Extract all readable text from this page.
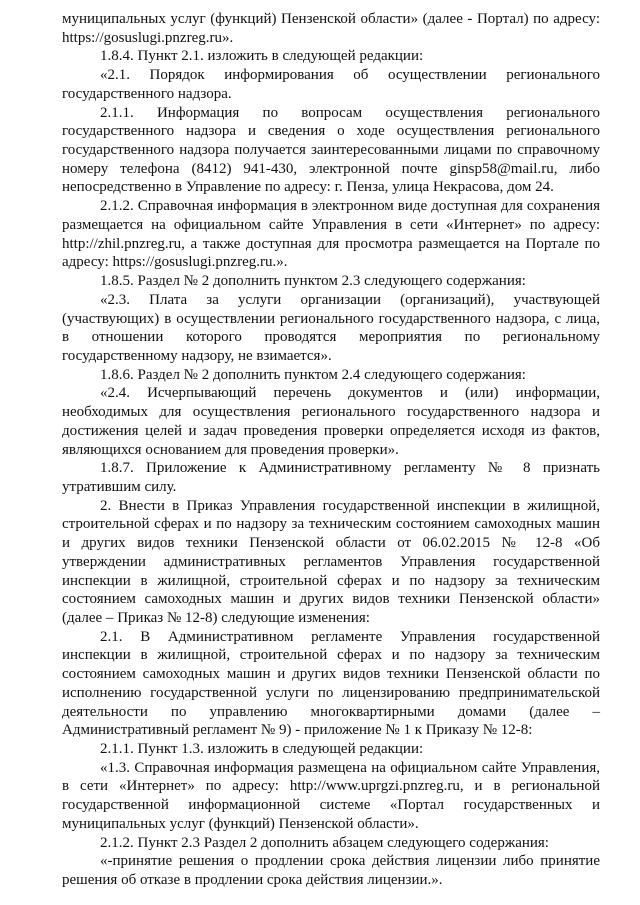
муниципальных услуг (функций) Пензенской области» (далее - Портал) по адресу: https://gosuslugi.pnzreg.ru».

1.8.4. Пункт 2.1. изложить в следующей редакции:

«2.1. Порядок информирования об осуществлении регионального государственного надзора.

2.1.1. Информация по вопросам осуществления регионального государственного надзора и сведения о ходе осуществления регионального государственного надзора получается заинтересованными лицами по справочному номеру телефона (8412) 941-430, электронной почте ginsp58@mail.ru, либо непосредственно в Управление по адресу: г. Пенза, улица Некрасова, дом 24.

2.1.2. Справочная информация в электронном виде доступная для сохранения размещается на официальном сайте Управления в сети «Интернет» по адресу: http://zhil.pnzreg.ru, а также доступная для просмотра размещается на Портале по адресу: https://gosuslugi.pnzreg.ru.».

1.8.5. Раздел № 2 дополнить пунктом 2.3 следующего содержания:

«2.3. Плата за услуги организации (организаций), участвующей (участвующих) в осуществлении регионального государственного надзора, с лица, в отношении которого проводятся мероприятия по региональному государственному надзору, не взимается».

1.8.6. Раздел № 2 дополнить пунктом 2.4 следующего содержания:

«2.4. Исчерпывающий перечень документов и (или) информации, необходимых для осуществления регионального государственного надзора и достижения целей и задач проведения проверки определяется исходя из фактов, являющихся основанием для проведения проверки».

1.8.7. Приложение к Административному регламенту № 8 признать утратившим силу.

2. Внести в Приказ Управления государственной инспекции в жилищной, строительной сферах и по надзору за техническим состоянием самоходных машин и других видов техники Пензенской области от 06.02.2015 № 12-8 «Об утверждении административных регламентов Управления государственной инспекции в жилищной, строительной сферах и по надзору за техническим состоянием самоходных машин и других видов техники Пензенской области» (далее – Приказ № 12-8) следующие изменения:

2.1. В Административном регламенте Управления государственной инспекции в жилищной, строительной сферах и по надзору за техническим состоянием самоходных машин и других видов техники Пензенской области по исполнению государственной услуги по лицензированию предпринимательской деятельности по управлению многоквартирными домами (далее – Административный регламент № 9) - приложение № 1 к Приказу № 12-8:

2.1.1. Пункт 1.3. изложить в следующей редакции:

«1.3. Справочная информация размещена на официальном сайте Управления, в сети «Интернет» по адресу: http://www.uprgzi.pnzreg.ru, и в региональной государственной информационной системе «Портал государственных и муниципальных услуг (функций) Пензенской области».

2.1.2. Пункт 2.3 Раздел 2 дополнить абзацем следующего содержания:

«-принятие решения о продлении срока действия лицензии либо принятие решения об отказе в продлении срока действия лицензии.».
